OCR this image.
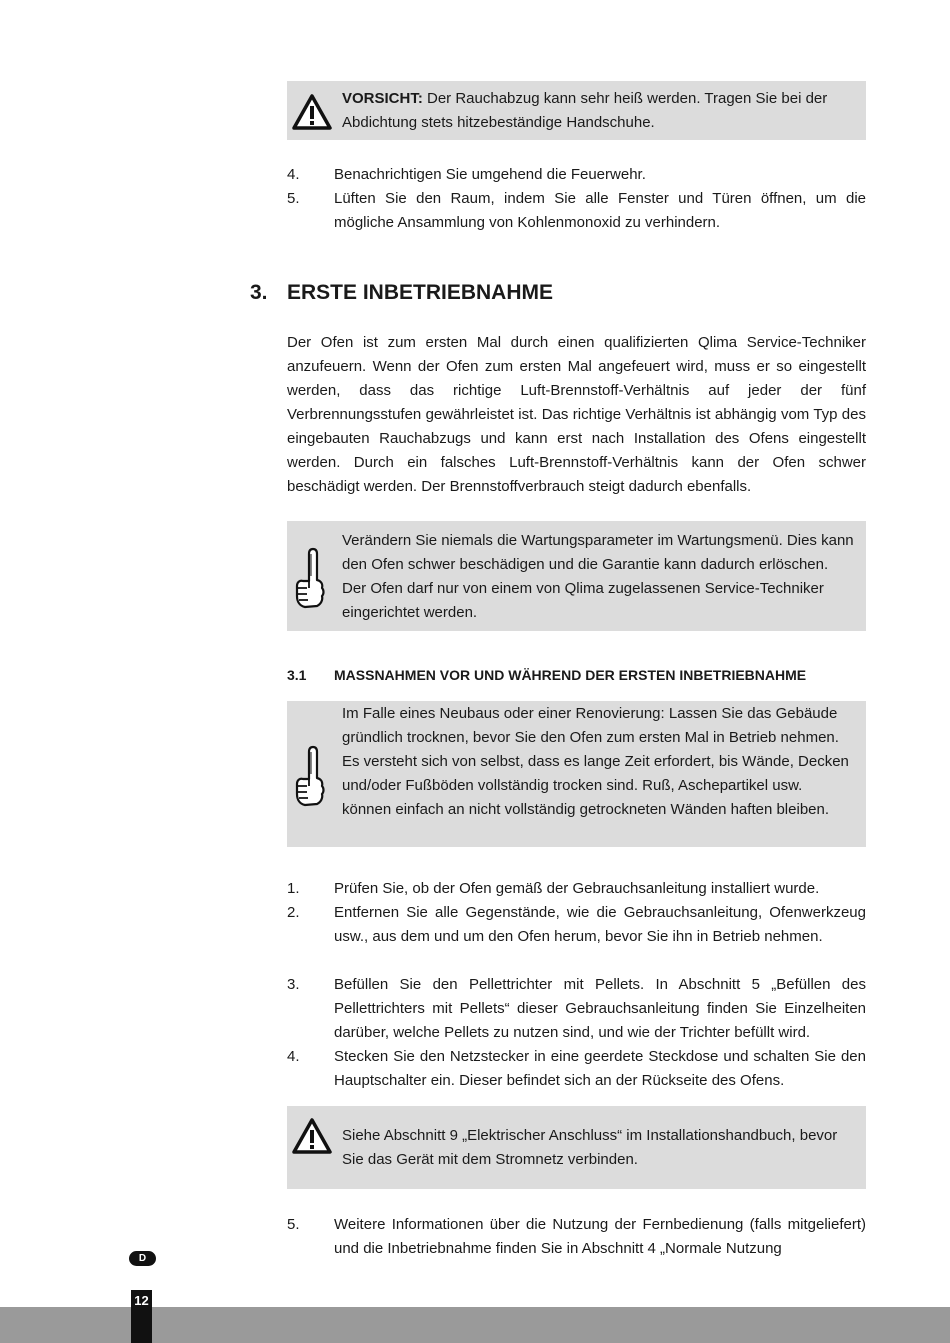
VORSICHT: Der Rauchabzug kann sehr heiß werden. Tragen Sie bei der Abdichtung stets hitzebeständige Handschuhe.
4.	Benachrichtigen Sie umgehend die Feuerwehr.
5.	Lüften Sie den Raum, indem Sie alle Fenster und Türen öffnen, um die mögliche Ansammlung von Kohlenmonoxid zu verhindern.
3. ERSTE INBETRIEBNAHME
Der Ofen ist zum ersten Mal durch einen qualifizierten Qlima Service-Techniker anzufeuern. Wenn der Ofen zum ersten Mal angefeuert wird, muss er so eingestellt werden, dass das richtige Luft-Brennstoff-Verhältnis auf jeder der fünf Verbrennungsstufen gewährleistet ist. Das richtige Verhältnis ist abhängig vom Typ des eingebauten Rauchabzugs und kann erst nach Installation des Ofens eingestellt werden. Durch ein falsches Luft-Brennstoff-Verhältnis kann der Ofen schwer beschädigt werden. Der Brennstoffverbrauch steigt dadurch ebenfalls.
Verändern Sie niemals die Wartungsparameter im Wartungsmenü. Dies kann den Ofen schwer beschädigen und die Garantie kann dadurch erlöschen. Der Ofen darf nur von einem von Qlima zugelassenen Service-Techniker eingerichtet werden.
3.1 MASSNAHMEN VOR UND WÄHREND DER ERSTEN INBETRIEBNAHME
Im Falle eines Neubaus oder einer Renovierung: Lassen Sie das Gebäude gründlich trocknen, bevor Sie den Ofen zum ersten Mal in Betrieb nehmen. Es versteht sich von selbst, dass es lange Zeit erfordert, bis Wände, Decken und/oder Fußböden vollständig trocken sind. Ruß, Aschepartikel usw. können einfach an nicht vollständig getrockneten Wänden haften bleiben.
1.	Prüfen Sie, ob der Ofen gemäß der Gebrauchsanleitung installiert wurde.
2.	Entfernen Sie alle Gegenstände, wie die Gebrauchsanleitung, Ofenwerkzeug usw., aus dem und um den Ofen herum, bevor Sie ihn in Betrieb nehmen.
3.	Befüllen Sie den Pellettrichter mit Pellets. In Abschnitt 5 „Befüllen des Pellettrichters mit Pellets“ dieser Gebrauchsanleitung finden Sie Einzelheiten darüber, welche Pellets zu nutzen sind, und wie der Trichter befüllt wird.
4.	Stecken Sie den Netzstecker in eine geerdete Steckdose und schalten Sie den Hauptschalter ein. Dieser befindet sich an der Rückseite des Ofens.
Siehe Abschnitt 9 „Elektrischer Anschluss“ im Installationshandbuch, bevor Sie das Gerät mit dem Stromnetz verbinden.
5.	Weitere Informationen über die Nutzung der Fernbedienung (falls mitgeliefert) und die Inbetriebnahme finden Sie in Abschnitt 4 „Normale Nutzung
D
12
